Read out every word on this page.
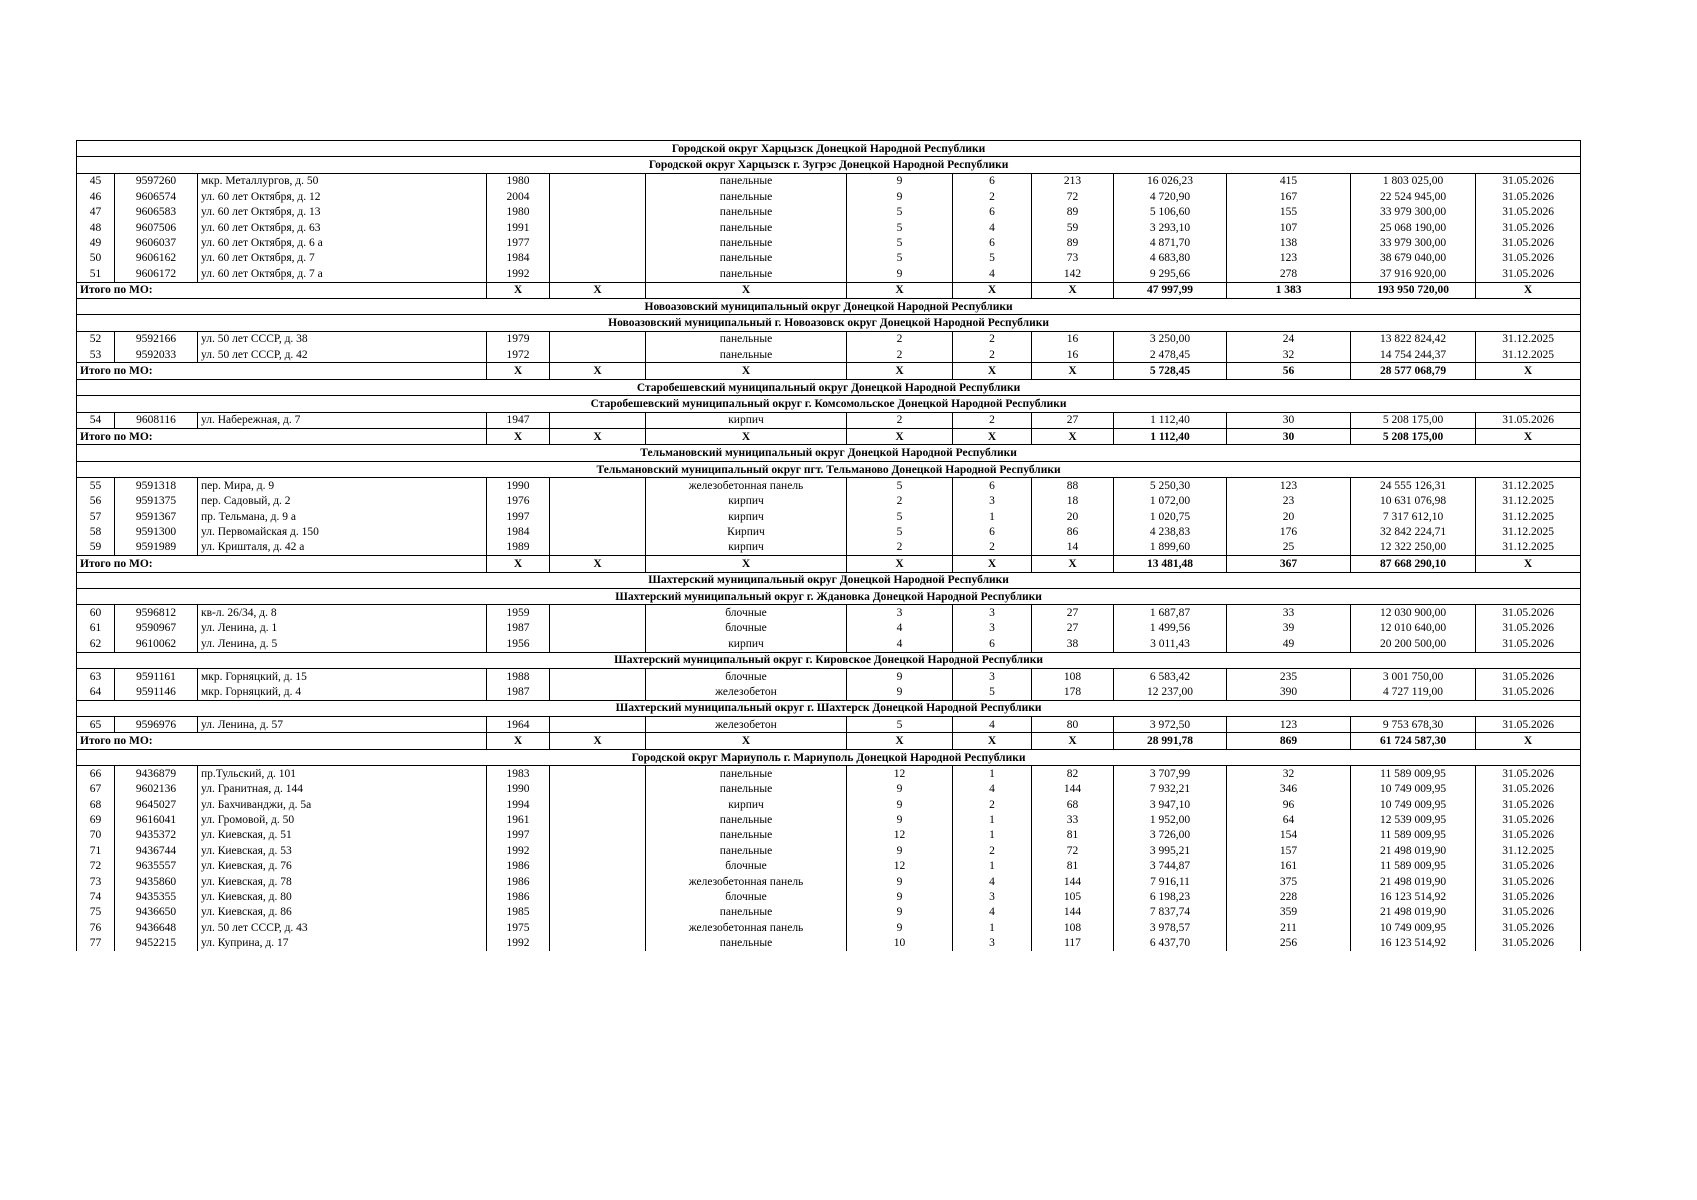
Городской округ Харцызск Донецкой Народной Республики												
Городской округ Харцызск г. Зугрэс Донецкой Народной Республики												
45	9597260	мкр. Металлургов, д. 50	1980		панельные	9	6	213	16 026,23	415	1 803 025,00	31.05.2026
46	9606574	ул. 60 лет Октября, д. 12	2004		панельные	9	2	72	4 720,90	167	22 524 945,00	31.05.2026
47	9606583	ул. 60 лет Октября, д. 13	1980		панельные	5	6	89	5 106,60	155	33 979 300,00	31.05.2026
48	9607506	ул. 60 лет Октября, д. 63	1991		панельные	5	4	59	3 293,10	107	25 068 190,00	31.05.2026
49	9606037	ул. 60 лет Октября, д. 6 а	1977		панельные	5	6	89	4 871,70	138	33 979 300,00	31.05.2026
50	9606162	ул. 60 лет Октября, д. 7	1984		панельные	5	5	73	4 683,80	123	38 679 040,00	31.05.2026
51	9606172	ул. 60 лет Октября, д. 7 а	1992		панельные	9	4	142	9 295,66	278	37 916 920,00	31.05.2026
Итого по МО:			X	X	X	X	X	X	47 997,99	1 383	193 950 720,00	X
Новоазовский муниципальный округ Донецкой Народной Республики												
Новоазовский муниципальный г. Новоазовск округ Донецкой Народной Республики												
52	9592166	ул. 50 лет СССР, д. 38	1979		панельные	2	2	16	3 250,00	24	13 822 824,42	31.12.2025
53	9592033	ул. 50 лет СССР, д. 42	1972		панельные	2	2	16	2 478,45	32	14 754 244,37	31.12.2025
Итого по МО:			X	X	X	X	X	X	5 728,45	56	28 577 068,79	X
Старобешевский муниципальный округ Донецкой Народной Республики												
Старобешевский муниципальный округ г. Комсомольское Донецкой Народной Республики												
54	9608116	ул. Набережная, д. 7	1947		кирпич	2	2	27	1 112,40	30	5 208 175,00	31.05.2026
Итого по МО:			X	X	X	X	X	X	1 112,40	30	5 208 175,00	X
Тельмановский муниципальный округ Донецкой Народной Республики												
Тельмановский муниципальный округ пгт. Тельманово Донецкой Народной Республики												
55	9591318	пер. Мира, д. 9	1990		железобетонная панель	5	6	88	5 250,30	123	24 555 126,31	31.12.2025
56	9591375	пер. Садовый, д. 2	1976		кирпич	2	3	18	1 072,00	23	10 631 076,98	31.12.2025
57	9591367	пр. Тельмана, д. 9 а	1997		кирпич	5	1	20	1 020,75	20	7 317 612,10	31.12.2025
58	9591300	ул. Первомайская д. 150	1984		Кирпич	5	6	86	4 238,83	176	32 842 224,71	31.12.2025
59	9591989	ул. Кришталя, д. 42 а	1989		кирпич	2	2	14	1 899,60	25	12 322 250,00	31.12.2025
Итого по МО:			X	X	X	X	X	X	13 481,48	367	87 668 290,10	X
Шахтерский муниципальный округ Донецкой Народной Республики												
Шахтерский муниципальный округ г. Ждановка Донецкой Народной Республики												
60	9596812	кв-л. 26/34, д. 8	1959		блочные	3	3	27	1 687,87	33	12 030 900,00	31.05.2026
61	9590967	ул. Ленина, д. 1	1987		блочные	4	3	27	1 499,56	39	12 010 640,00	31.05.2026
62	9610062	ул. Ленина, д. 5	1956		кирпич	4	6	38	3 011,43	49	20 200 500,00	31.05.2026
Шахтерский муниципальный округ г. Кировское Донецкой Народной Республики												
63	9591161	мкр. Горняцкий, д. 15	1988		блочные	9	3	108	6 583,42	235	3 001 750,00	31.05.2026
64	9591146	мкр. Горняцкий, д. 4	1987		железобетон	9	5	178	12 237,00	390	4 727 119,00	31.05.2026
Шахтерский муниципальный округ г. Шахтерск Донецкой Народной Республики												
65	9596976	ул. Ленина, д. 57	1964		железобетон	5	4	80	3 972,50	123	9 753 678,30	31.05.2026
Итого по МО:			X	X	X	X	X	X	28 991,78	869	61 724 587,30	X
Городской округ Мариуполь г. Мариуполь Донецкой Народной Республики												
66	9436879	пр.Тульский, д. 101	1983		панельные	12	1	82	3 707,99	32	11 589 009,95	31.05.2026
67	9602136	ул. Гранитная, д. 144	1990		панельные	9	4	144	7 932,21	346	10 749 009,95	31.05.2026
68	9645027	ул. Бахчиванджи, д. 5а	1994		кирпич	9	2	68	3 947,10	96	10 749 009,95	31.05.2026
69	9616041	ул. Громовой, д. 50	1961		панельные	9	1	33	1 952,00	64	12 539 009,95	31.05.2026
70	9435372	ул. Киевская, д. 51	1997		панельные	12	1	81	3 726,00	154	11 589 009,95	31.05.2026
71	9436744	ул. Киевская, д. 53	1992		панельные	9	2	72	3 995,21	157	21 498 019,90	31.12.2025
72	9635557	ул. Киевская, д. 76	1986		блочные	12	1	81	3 744,87	161	11 589 009,95	31.05.2026
73	9435860	ул. Киевская, д. 78	1986		железобетонная панель	9	4	144	7 916,11	375	21 498 019,90	31.05.2026
74	9435355	ул. Киевская, д. 80	1986		блочные	9	3	105	6 198,23	228	16 123 514,92	31.05.2026
75	9436650	ул. Киевская, д. 86	1985		панельные	9	4	144	7 837,74	359	21 498 019,90	31.05.2026
76	9436648	ул. 50 лет СССР, д. 43	1975		железобетонная панель	9	1	108	3 978,57	211	10 749 009,95	31.05.2026
77	9452215	ул. Куприна, д. 17	1992		панельные	10	3	117	6 437,70	256	16 123 514,92	31.05.2026
